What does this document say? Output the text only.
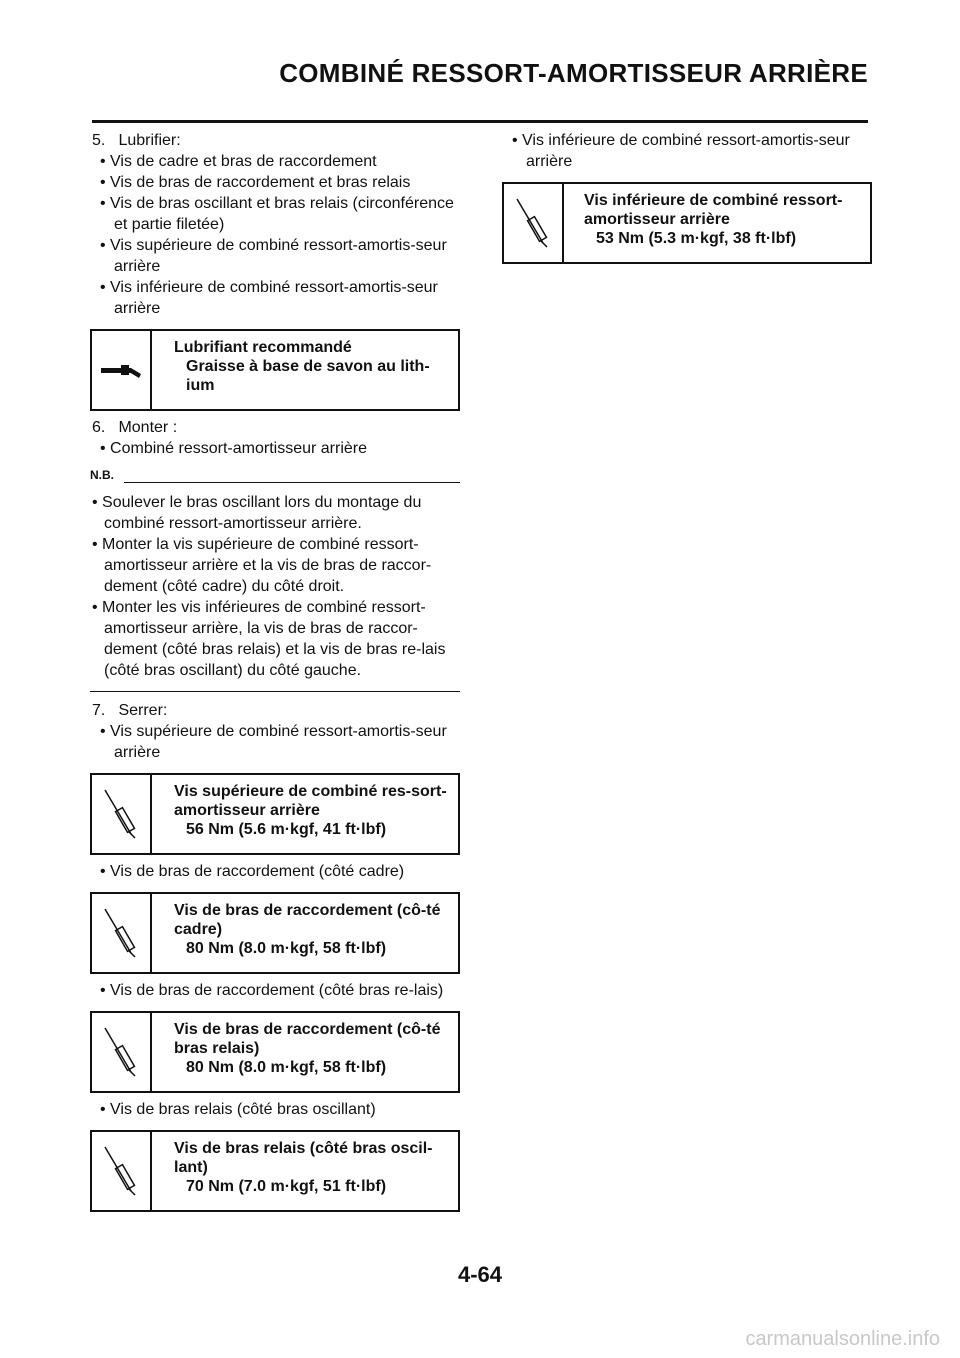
COMBINÉ RESSORT-AMORTISSEUR ARRIÈRE
5. Lubrifier:
• Vis de cadre et bras de raccordement
• Vis de bras de raccordement et bras relais
• Vis de bras oscillant et bras relais (circonférence et partie filetée)
• Vis supérieure de combiné ressort-amortis-seur arrière
• Vis inférieure de combiné ressort-amortis-seur arrière
Lubrifiant recommandé
Graisse à base de savon au lith-ium
6. Monter :
• Combiné ressort-amortisseur arrière
N.B.
• Soulever le bras oscillant lors du montage du combiné ressort-amortisseur arrière.
• Monter la vis supérieure de combiné ressort-amortisseur arrière et la vis de bras de raccor-dement (côté cadre) du côté droit.
• Monter les vis inférieures de combiné ressort-amortisseur arrière, la vis de bras de raccor-dement (côté bras relais) et la vis de bras re-lais (côté bras oscillant) du côté gauche.
7. Serrer:
• Vis supérieure de combiné ressort-amortis-seur arrière
Vis supérieure de combiné res-sort-amortisseur arrière
56 Nm (5.6 m·kgf, 41 ft·lbf)
• Vis de bras de raccordement (côté cadre)
Vis de bras de raccordement (cô-té cadre)
80 Nm (8.0 m·kgf, 58 ft·lbf)
• Vis de bras de raccordement (côté bras re-lais)
Vis de bras de raccordement (cô-té bras relais)
80 Nm (8.0 m·kgf, 58 ft·lbf)
• Vis de bras relais (côté bras oscillant)
Vis de bras relais (côté bras oscil-lant)
70 Nm (7.0 m·kgf, 51 ft·lbf)
• Vis inférieure de combiné ressort-amortis-seur arrière
Vis inférieure de combiné ressort-amortisseur arrière
53 Nm (5.3 m·kgf, 38 ft·lbf)
4-64
carmanualsonline.info
